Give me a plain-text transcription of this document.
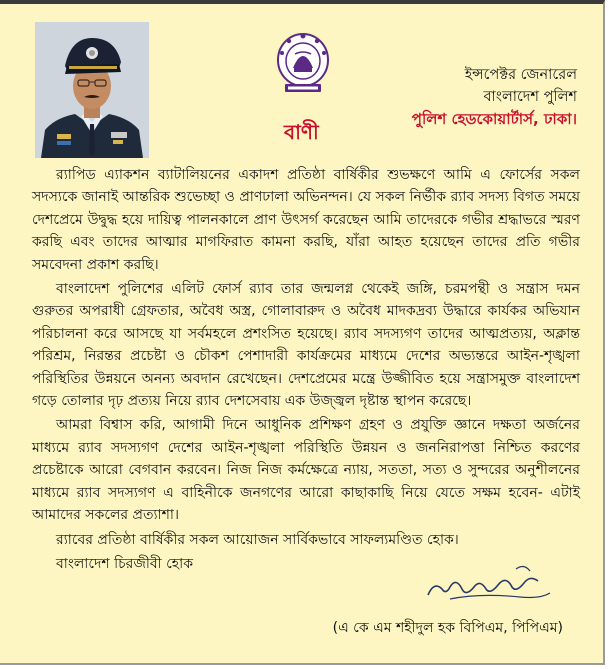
ইন্সপেক্টর জেনারেল
বাংলাদেশ পুলিশ
পুলিশ হেডকোয়ার্টার্স, ঢাকা।
বাণী

র‌্যাপিড এ্যাকশন ব্যাটালিয়নের একাদশ প্রতিষ্ঠা বার্ষিকীর শুভক্ষণে আমি এ ফোর্সের সকল সদস্যকে জানাই আন্তরিক শুভেচ্ছা ও প্রাণঢালা অভিনন্দন। যে সকল নির্ভীক র‌্যাব সদস্য বিগত সময়ে দেশপ্রেমে উদ্বুদ্ধ হয়ে দায়িত্ব পালনকালে প্রাণ উৎসর্গ করেছেন আমি তাদেরকে গভীর শ্রদ্ধাভরে স্মরণ করছি এবং তাদের আত্মার মাগফিরাত কামনা করছি, যাঁরা আহত হয়েছেন তাদের প্রতি গভীর সমবেদনা প্রকাশ করছি।

বাংলাদেশ পুলিশের এলিট ফোর্স র‌্যাব তার জন্মলগ্ন থেকেই জঙ্গি, চরমপন্থী ও সন্ত্রাস দমন গুরুতর অপরাধী গ্রেফতার, অবৈধ অস্ত্র, গোলাবারুদ ও অবৈধ মাদকদ্রব্য উদ্ধারে কার্যকর অভিযান পরিচালনা করে আসছে যা সর্বমহলে প্রশংসিত হয়েছে। র‌্যাব সদস্যগণ তাদের আত্মপ্রত্যয়, অক্লান্ত পরিশ্রম, নিরন্তর প্রচেষ্টা ও চৌকশ পেশাদারী কার্যক্রমের মাধ্যমে দেশের অভ্যন্তরে আইন-শৃঙ্খলা পরিস্থিতির উন্নয়নে অনন্য অবদান রেখেছেন। দেশপ্রেমের মন্ত্রে উজ্জীবিত হয়ে সন্ত্রাসমুক্ত বাংলাদেশ গড়ে তোলার দৃঢ় প্রত্যয় নিয়ে র‌্যাব দেশসেবায় এক উজ্জ্বল দৃষ্টান্ত স্থাপন করেছে।

আমরা বিশ্বাস করি, আগামী দিনে আধুনিক প্রশিক্ষণ গ্রহণ ও প্রযুক্তি জ্ঞানে দক্ষতা অর্জনের মাধ্যমে র‌্যাব সদস্যগণ দেশের আইন-শৃঙ্খলা পরিস্থিতি উন্নয়ন ও জননিরাপত্তা নিশ্চিত করণের প্রচেষ্টাকে আরো বেগবান করবেন। নিজ নিজ কর্মক্ষেত্রে ন্যায়, সততা, সত্য ও সুন্দরের অনুশীলনের মাধ্যমে র‌্যাব সদস্যগণ এ বাহিনীকে জনগণের আরো কাছাকাছি নিয়ে যেতে সক্ষম হবেন- এটাই আমাদের সকলের প্রত্যাশা।

র‌্যাবের প্রতিষ্ঠা বার্ষিকীর সকল আয়োজন সার্বিকভাবে সাফল্যমণ্ডিত হোক।

বাংলাদেশ চিরজীবী হোক

(এ কে এম শহীদুল হক বিপিএম, পিপিএম)
